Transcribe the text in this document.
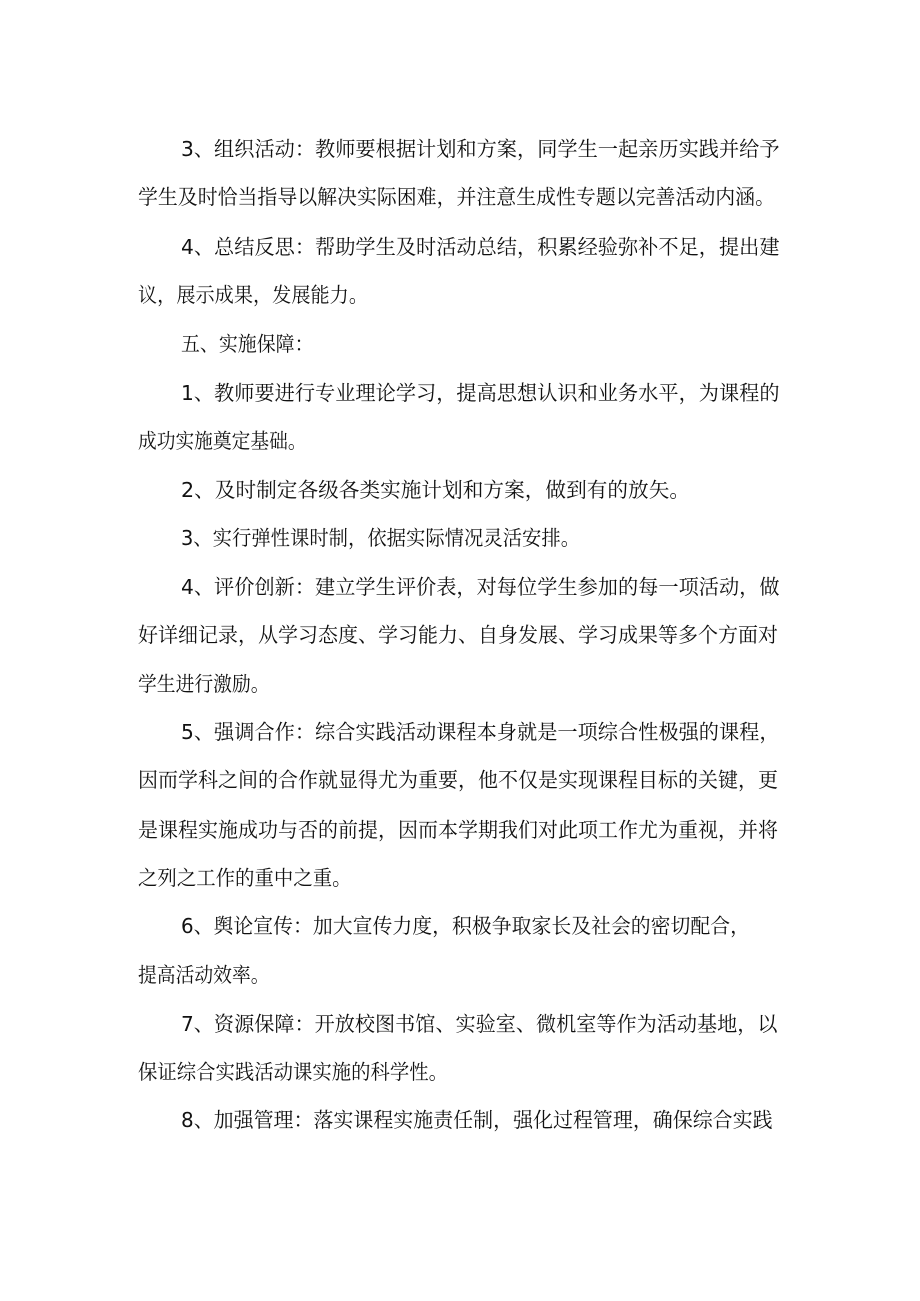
3、组织活动：教师要根据计划和方案，同学生一起亲历实践并给予
学生及时恰当指导以解决实际困难，并注意生成性专题以完善活动内涵。
4、总结反思：帮助学生及时活动总结，积累经验弥补不足，提出建
议，展示成果，发展能力。
五、实施保障：
1、教师要进行专业理论学习，提高思想认识和业务水平，为课程的
成功实施奠定基础。
2、及时制定各级各类实施计划和方案，做到有的放矢。
3、实行弹性课时制，依据实际情况灵活安排。
4、评价创新：建立学生评价表，对每位学生参加的每一项活动，做
好详细记录，从学习态度、学习能力、自身发展、学习成果等多个方面对
学生进行激励。
5、强调合作：综合实践活动课程本身就是一项综合性极强的课程，
因而学科之间的合作就显得尤为重要，他不仅是实现课程目标的关键，更
是课程实施成功与否的前提，因而本学期我们对此项工作尤为重视，并将
之列之工作的重中之重。
6、舆论宣传：加大宣传力度，积极争取家长及社会的密切配合，
提高活动效率。
7、资源保障：开放校图书馆、实验室、微机室等作为活动基地，以
保证综合实践活动课实施的科学性。
8、加强管理：落实课程实施责任制，强化过程管理，确保综合实践
